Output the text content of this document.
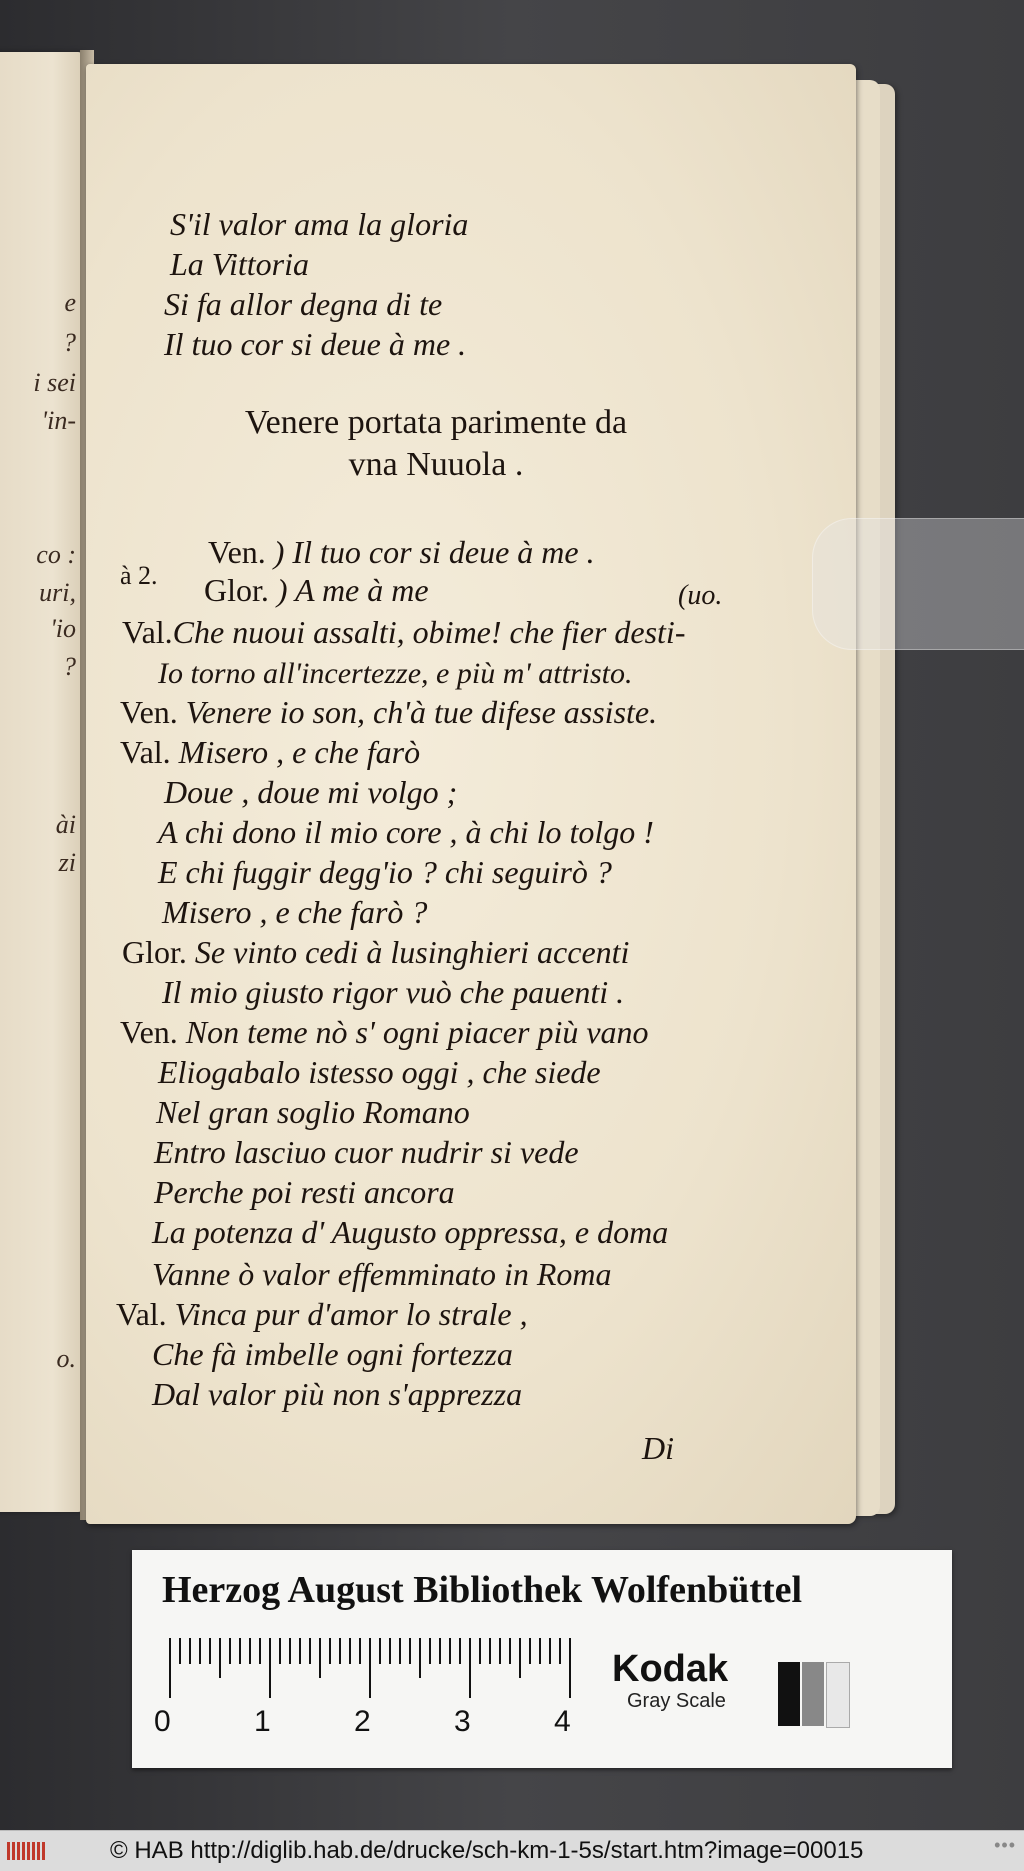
e
?
i sei
'in-
co :
uri,
'io
?
ài
zi
o.
S'il valor ama la gloria
La Vittoria
Si fa allor degna di te
Il tuo cor si deue à me .
Venere portata parimente da
vna Nuuola .
à 2.
Ven. ) Il tuo cor si deue à me .
Glor. ) A me à me	(uo.
Val.Che nuoui assalti, obime! che fier desti-
Io torno all'incertezze, e più m' attristo.
Ven. Venere io son, ch'à tue difese assiste.
Val. Misero , e che farò
Doue , doue mi volgo ;
A chi dono il mio core , à chi lo tolgo !
E chi fuggir degg'io ? chi seguirò ?
Misero , e che farò ?
Glor. Se vinto cedi à lusinghieri accenti
Il mio giusto rigor vuò che pauenti .
Ven. Non teme nò s' ogni piacer più vano
Eliogabalo istesso oggi , che siede
Nel gran soglio Romano
Entro lasciuo cuor nudrir si vede
Perche poi resti ancora
La potenza d' Augusto oppressa, e doma
Vanne ò valor effemminato in Roma
Val. Vinca pur d'amor lo strale ,
Che fà imbelle ogni fortezza
Dal valor più non s'apprezza
Di
Herzog August Bibliothek Wolfenbüttel
0	1	2	3	4
Kodak
Gray Scale
© HAB http://diglib.hab.de/drucke/sch-km-1-5s/start.htm?image=00015	•••
